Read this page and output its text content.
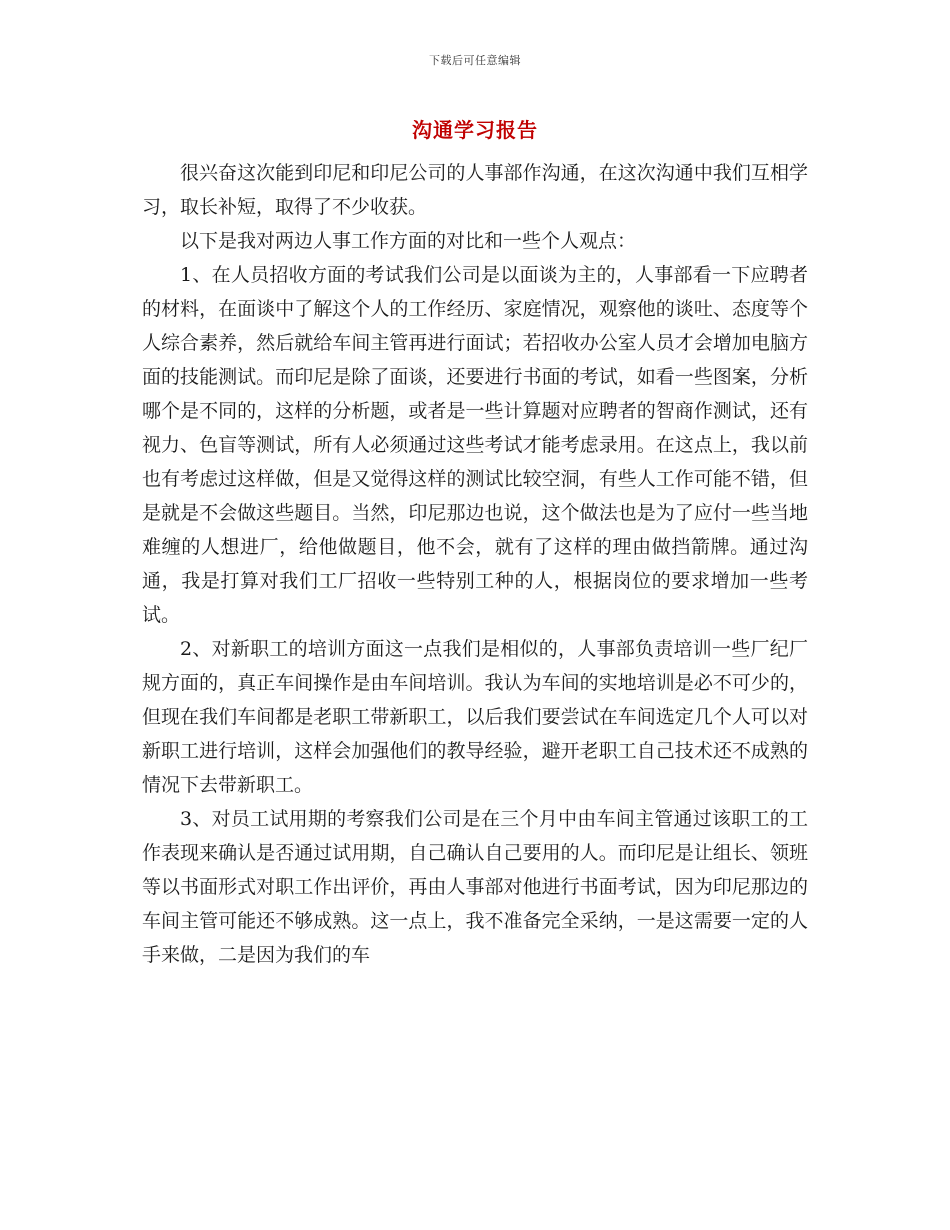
下载后可任意编辑
沟通学习报告

很兴奋这次能到印尼和印尼公司的人事部作沟通，在这次沟通中我们互相学习，取长补短，取得了不少收获。

以下是我对两边人事工作方面的对比和一些个人观点：

1、在人员招收方面的考试我们公司是以面谈为主的，人事部看一下应聘者的材料，在面谈中了解这个人的工作经历、家庭情况，观察他的谈吐、态度等个人综合素养，然后就给车间主管再进行面试；若招收办公室人员才会增加电脑方面的技能测试。而印尼是除了面谈，还要进行书面的考试，如看一些图案，分析哪个是不同的，这样的分析题，或者是一些计算题对应聘者的智商作测试，还有视力、色盲等测试，所有人必须通过这些考试才能考虑录用。在这点上，我以前也有考虑过这样做，但是又觉得这样的测试比较空洞，有些人工作可能不错，但是就是不会做这些题目。当然，印尼那边也说，这个做法也是为了应付一些当地难缠的人想进厂，给他做题目，他不会，就有了这样的理由做挡箭牌。通过沟通，我是打算对我们工厂招收一些特别工种的人，根据岗位的要求增加一些考试。

2、对新职工的培训方面这一点我们是相似的，人事部负责培训一些厂纪厂规方面的，真正车间操作是由车间培训。我认为车间的实地培训是必不可少的，但现在我们车间都是老职工带新职工，以后我们要尝试在车间选定几个人可以对新职工进行培训，这样会加强他们的教导经验，避开老职工自己技术还不成熟的情况下去带新职工。

3、对员工试用期的考察我们公司是在三个月中由车间主管通过该职工的工作表现来确认是否通过试用期，自己确认自己要用的人。而印尼是让组长、领班等以书面形式对职工作出评价，再由人事部对他进行书面考试，因为印尼那边的车间主管可能还不够成熟。这一点上，我不准备完全采纳，一是这需要一定的人手来做，二是因为我们的车
